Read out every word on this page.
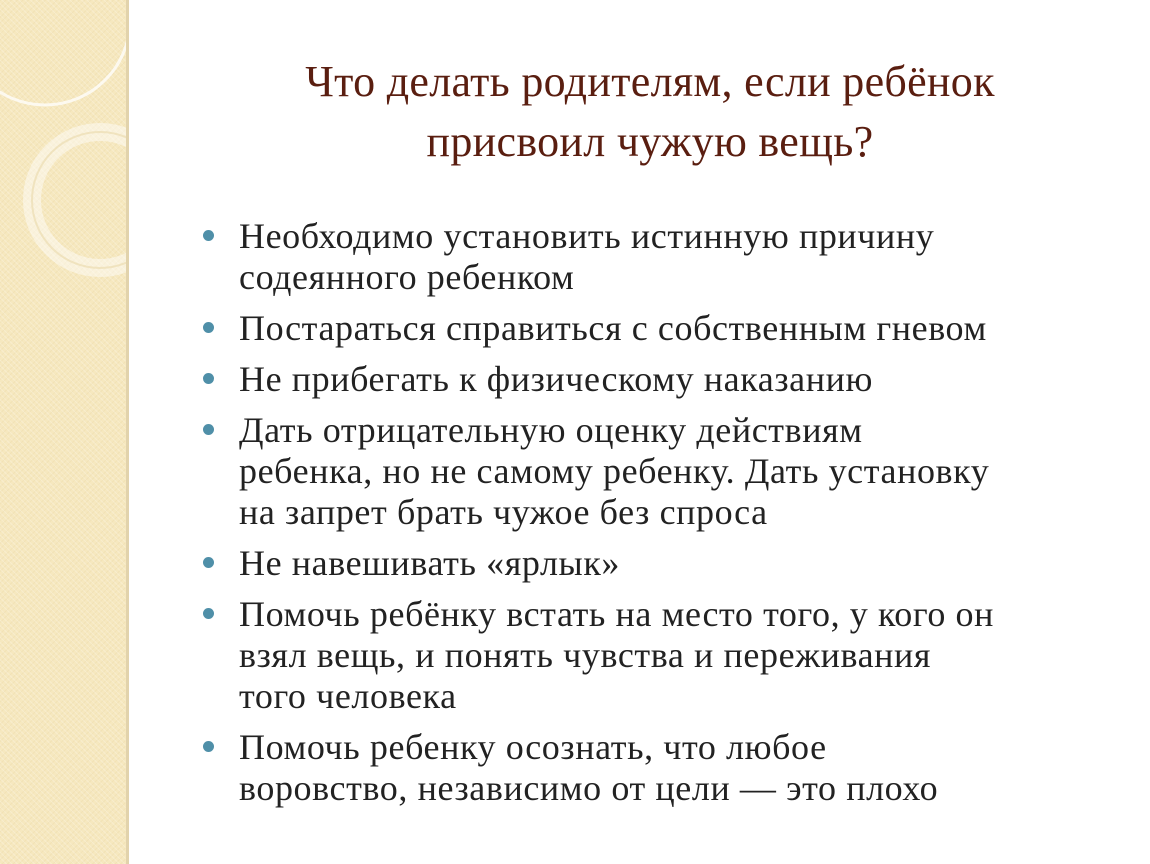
Что делать родителям, если ребёнок
присвоил чужую вещь?
Необходимо установить истинную причину
содеянного ребенком
Постараться справиться с собственным гневом
Не прибегать к физическому наказанию
Дать отрицательную оценку действиям
ребенка, но не самому ребенку. Дать установку
на запрет брать чужое без спроса
Не навешивать «ярлык»
Помочь ребёнку встать на место того, у кого он
взял вещь, и понять чувства и переживания
того человека
Помочь ребенку осознать, что любое
воровство, независимо от цели — это плохо
